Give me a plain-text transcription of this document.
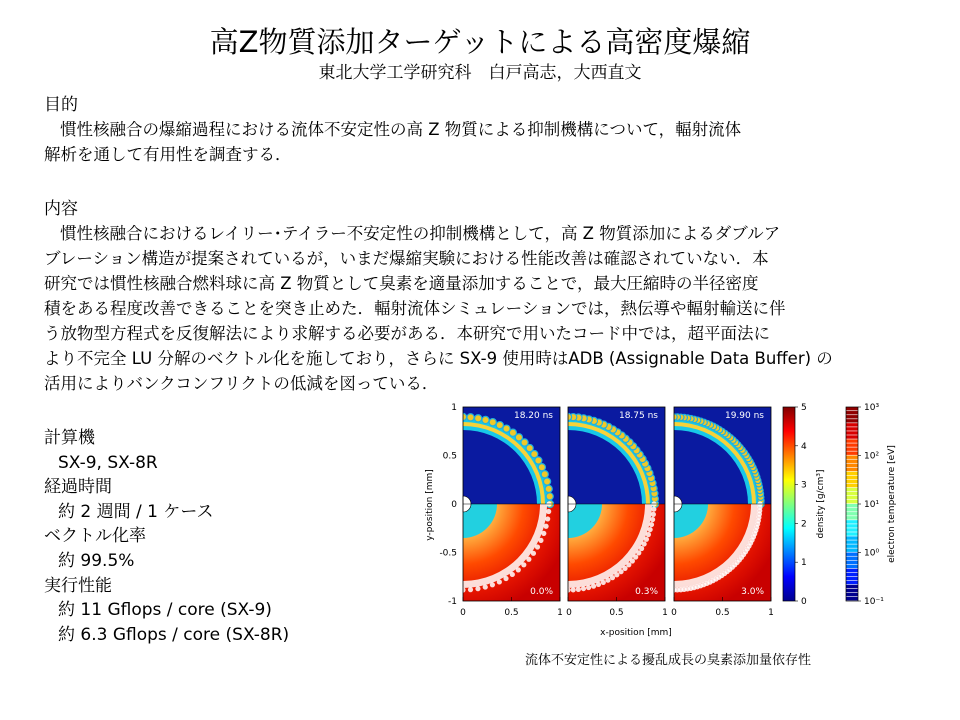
高Z物質添加ターゲットによる高密度爆縮
東北大学工学研究科　白戸高志，大西直文
目的
慣性核融合の爆縮過程における流体不安定性の高 Z 物質による抑制機構について，輻射流体
解析を通して有用性を調査する．
内容
慣性核融合におけるレイリー･テイラー不安定性の抑制機構として，高 Z 物質添加によるダブルア
ブレーション構造が提案されているが，いまだ爆縮実験における性能改善は確認されていない．本
研究では慣性核融合燃料球に高 Z 物質として臭素を適量添加することで，最大圧縮時の半径密度
積をある程度改善できることを突き止めた．輻射流体シミュレーションでは，熱伝導や輻射輸送に伴
う放物型方程式を反復解法により求解する必要がある．本研究で用いたコード中では，超平面法に
より不完全 LU 分解のベクトル化を施しており，さらに SX-9 使用時はADB (Assignable Data Buffer) の
活用によりバンクコンフリクトの低減を図っている．
計算機
SX-9, SX-8R
経過時間
約 2 週間 / 1 ケース
ベクトル化率
約 99.5%
実行性能
約 11 Gflops / core (SX-9)
約 6.3 Gflops / core (SX-8R)
y-position [mm]
1
0.5
0
-0.5
-1
18.20 ns
0.0%
18.75 ns
0.3%
19.90 ns
3.0%
0	0.5	1 0	0.5	1 0	0.5	1
x-position [mm]
5
4
3
2
1
0
density [g/cm³]
10³
10²
10¹
10⁰
10⁻¹
electron temperature [eV]
流体不安定性による擾乱成長の臭素添加量依存性
